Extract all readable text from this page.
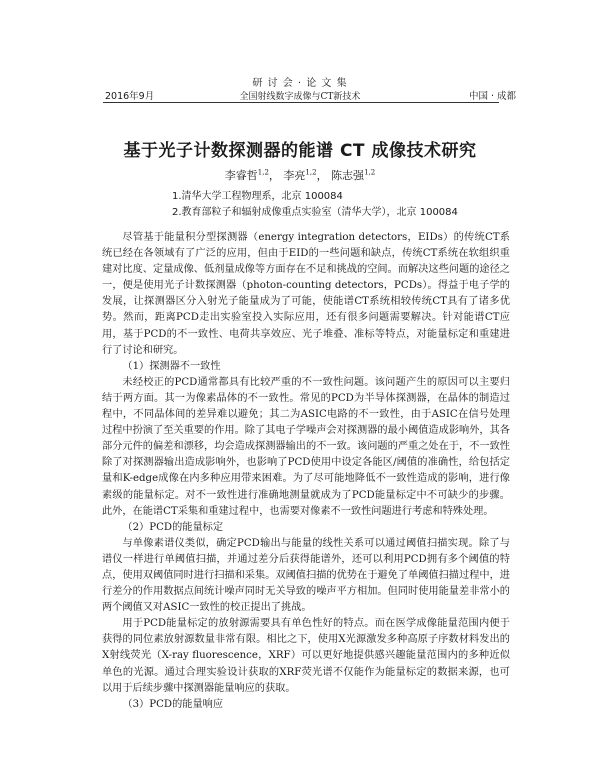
研 讨 会 · 论 文 集
全国射线数字成像与CT新技术
2016年9月	中国 · 成都
基于光子计数探测器的能谱 CT 成像技术研究
李睿哲$^{1,2}$， 李亮$^{1,2}$， 陈志强$^{1,2}$
1.清华大学工程物理系，北京 100084
2.教育部粒子和辐射成像重点实验室（清华大学），北京 100084

尽管基于能量积分型探测器（energy integration detectors，EIDs）的传统CT系统已经在各领域有了广泛的应用，但由于EID的一些问题和缺点，传统CT系统在软组织重建对比度、定量成像、低剂量成像等方面存在不足和挑战的空间。而解决这些问题的途径之一，便是使用光子计数探测器（photon-counting detectors，PCDs）。得益于电子学的发展，让探测器区分入射光子能量成为了可能，使能谱CT系统相较传统CT具有了诸多优势。然而，距离PCD走出实验室投入实际应用，还有很多问题需要解决。针对能谱CT应用，基于PCD的不一致性、电荷共享效应、光子堆叠、准标等特点，对能量标定和重建进行了讨论和研究。

（1）探测器不一致性

未经校正的PCD通常都具有比较严重的不一致性问题。该问题产生的原因可以主要归结于两方面。其一为像素晶体的不一致性。常见的PCD为半导体探测器，在晶体的制造过程中，不同晶体间的差异难以避免；其二为ASIC电路的不一致性，由于ASIC在信号处理过程中扮演了至关重要的作用。除了其电子学噪声会对探测器的最小阈值造成影响外，其各部分元件的偏差和漂移，均会造成探测器输出的不一致。该问题的严重之处在于，不一致性除了对探测器输出造成影响外，也影响了PCD使用中设定各能区/阈值的准确性，给包括定量和K-edge成像在内多种应用带来困难。为了尽可能地降低不一致性造成的影响，进行像素级的能量标定。对不一致性进行准确地测量就成为了PCD能量标定中不可缺少的步骤。此外，在能谱CT采集和重建过程中，也需要对像素不一致性问题进行考虑和特殊处理。

（2）PCD的能量标定

与单像素谱仪类似，确定PCD输出与能量的线性关系可以通过阈值扫描实现。除了与谱仪一样进行单阈值扫描，并通过差分后获得能谱外，还可以利用PCD拥有多个阈值的特点，使用双阈值同时进行扫描和采集。双阈值扫描的优势在于避免了单阈值扫描过程中，进行差分的作用数据点间统计噪声同时无关导致的噪声平方相加。但同时使用能量差非常小的两个阈值又对ASIC一致性的校正提出了挑战。

用于PCD能量标定的放射源需要具有单色性好的特点。而在医学成像能量范围内便于获得的同位素放射源数量非常有限。相比之下，使用X光源激发多种高原子序数材料发出的X射线荧光（X-ray fluorescence，XRF）可以更好地提供感兴趣能量范围内的多种近似单色的光源。通过合理实验设计获取的XRF荧光谱不仅能作为能量标定的数据来源，也可以用于后续步骤中探测器能量响应的获取。

（3）PCD的能量响应
